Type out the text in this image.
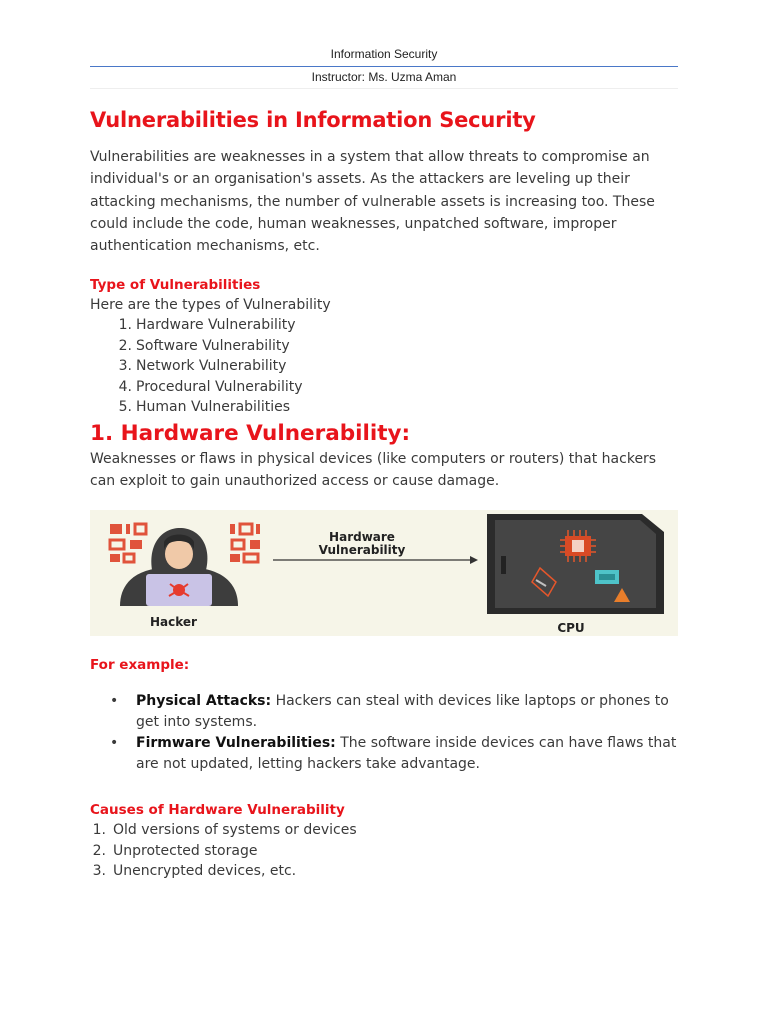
Information Security
Instructor: Ms. Uzma Aman
Vulnerabilities in Information Security
Vulnerabilities are weaknesses in a system that allow threats to compromise an individual's or an organisation's assets. As the attackers are leveling up their attacking mechanisms, the number of vulnerable assets is increasing too. These could include the code, human weaknesses, unpatched software, improper authentication mechanisms, etc.
Type of Vulnerabilities
Here are the types of Vulnerability
1. Hardware Vulnerability
2. Software Vulnerability
3. Network Vulnerability
4. Procedural Vulnerability
5. Human Vulnerabilities
1. Hardware Vulnerability:
Weaknesses or flaws in physical devices (like computers or routers) that hackers can exploit to gain unauthorized access or cause damage.
Hacker
Hardware
Vulnerability
CPU
For example:
• Physical Attacks: Hackers can steal with devices like laptops or phones to get into systems.
• Firmware Vulnerabilities: The software inside devices can have flaws that are not updated, letting hackers take advantage.
Causes of Hardware Vulnerability
1. Old versions of systems or devices
2. Unprotected storage
3. Unencrypted devices, etc.
